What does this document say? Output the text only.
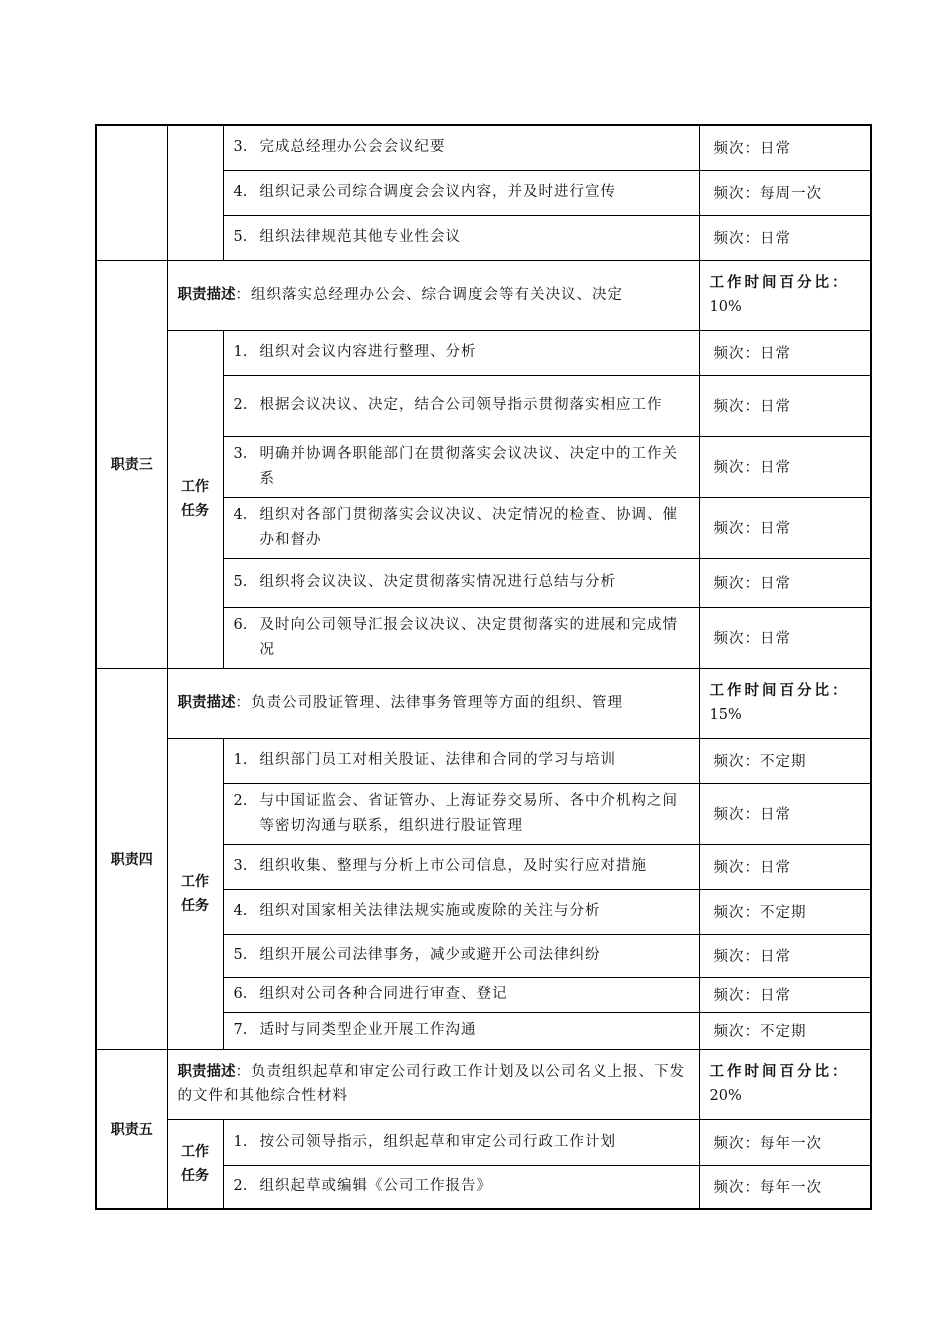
		3. 完成总经理办公会会议纪要	频次：日常

		4. 组织记录公司综合调度会会议内容，并及时进行宣传	频次：每周一次

		5. 组织法律规范其他专业性会议	频次：日常
职责三	职责描述：组织落实总经理办公会、综合调度会等有关决议、决定		工作时间百分比：
10%

	工作任务	1. 组织对会议内容进行整理、分析	频次：日常

		2. 根据会议决议、决定，结合公司领导指示贯彻落实相应工作	频次：日常

		3. 明确并协调各职能部门在贯彻落实会议决议、决定中的工作关系	频次：日常

		4. 组织对各部门贯彻落实会议决议、决定情况的检查、协调、催办和督办	频次：日常

		5. 组织将会议决议、决定贯彻落实情况进行总结与分析	频次：日常

		6. 及时向公司领导汇报会议决议、决定贯彻落实的进展和完成情况	频次：日常
职责四	职责描述：负责公司股证管理、法律事务管理等方面的组织、管理		工作时间百分比：
15%

	工作任务	1. 组织部门员工对相关股证、法律和合同的学习与培训	频次：不定期

		2. 与中国证监会、省证管办、上海证券交易所、各中介机构之间等密切沟通与联系，组织进行股证管理	频次：日常

		3. 组织收集、整理与分析上市公司信息，及时实行应对措施	频次：日常

		4. 组织对国家相关法律法规实施或废除的关注与分析	频次：不定期

		5. 组织开展公司法律事务，减少或避开公司法律纠纷	频次：日常

		6. 组织对公司各种合同进行审查、登记	频次：日常

		7. 适时与同类型企业开展工作沟通	频次：不定期
职责五	职责描述：负责组织起草和审定公司行政工作计划及以公司名义上报、下发的文件和其他综合性材料		工作时间百分比：
20%

	工作任务	1. 按公司领导指示，组织起草和审定公司行政工作计划	频次：每年一次

		2. 组织起草或编辑《公司工作报告》	频次：每年一次
